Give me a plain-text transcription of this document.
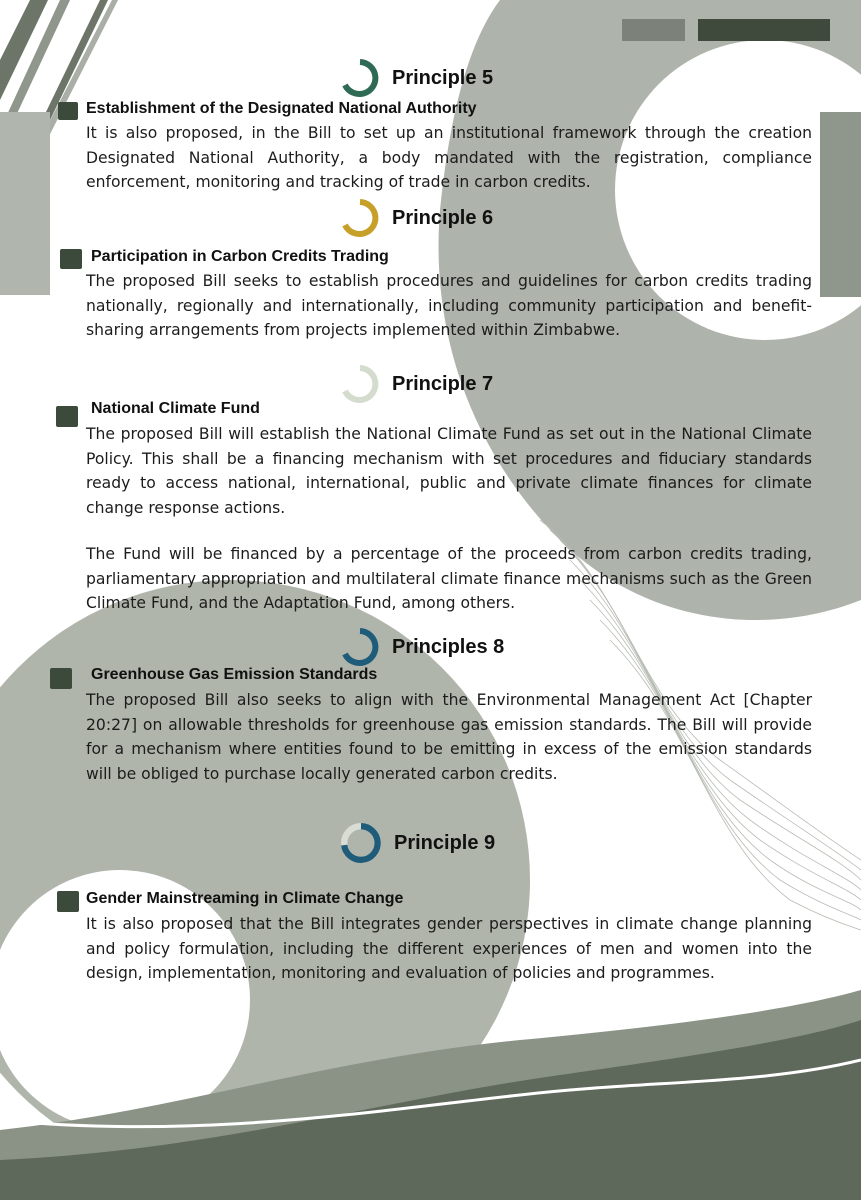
Principle 5
Establishment of the Designated National Authority

It is also proposed, in the Bill to set up an institutional framework through the creation Designated National Authority, a body mandated with the registration, compliance enforcement, monitoring and tracking of trade in carbon credits.

Principle 6
Participation in Carbon Credits Trading

The proposed Bill seeks to establish procedures and guidelines for carbon credits trading nationally, regionally and internationally, including community participation and benefit-sharing arrangements from projects implemented within Zimbabwe.

Principle 7
National Climate Fund

The proposed Bill will establish the National Climate Fund as set out in the National Climate Policy. This shall be a financing mechanism with set procedures and fiduciary standards ready to access national, international, public and private climate finances for climate change response actions.

The Fund will be financed by a percentage of the proceeds from carbon credits trading, parliamentary appropriation and multilateral climate finance mechanisms such as the Green Climate Fund, and the Adaptation Fund, among others.

Principles 8
Greenhouse Gas Emission Standards

The proposed Bill also seeks to align with the Environmental Management Act [Chapter 20:27] on allowable thresholds for greenhouse gas emission standards. The Bill will provide for a mechanism where entities found to be emitting in excess of the emission standards will be obliged to purchase locally generated carbon credits.

Principle 9
Gender Mainstreaming in Climate Change

It is also proposed that the Bill integrates gender perspectives in climate change planning and policy formulation, including the different experiences of men and women into the design, implementation, monitoring and evaluation of policies and programmes.
